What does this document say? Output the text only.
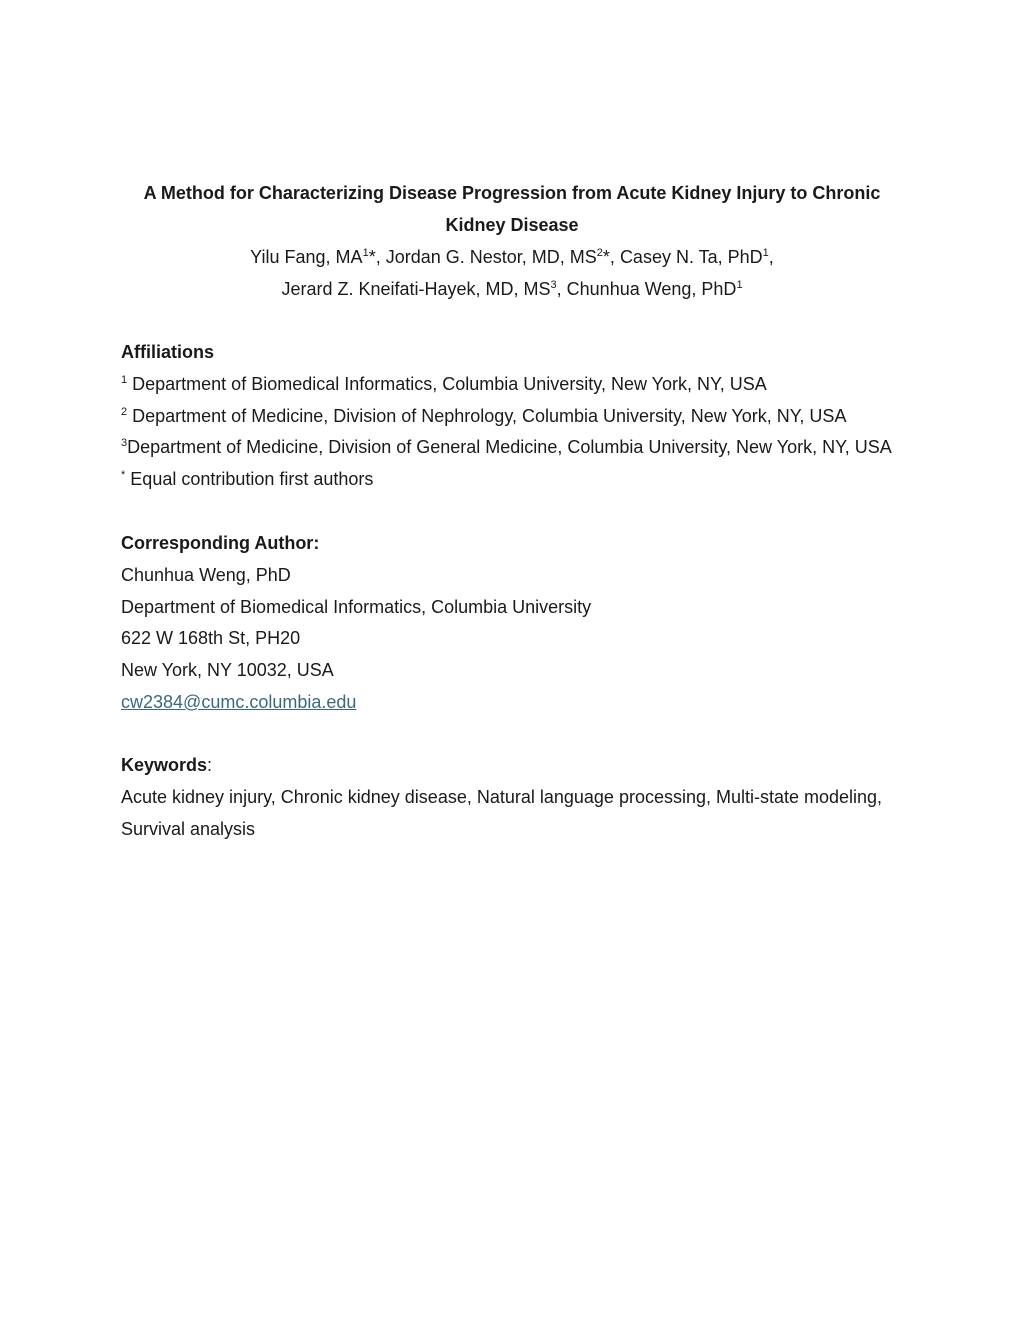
A Method for Characterizing Disease Progression from Acute Kidney Injury to Chronic
Kidney Disease
Yilu Fang, $MA^1*$, Jordan G. Nestor, MD, $MS^2*$, Casey N. Ta, PhD$^1$,
Jerard Z. Kneifati-Hayek, MD, $MS^3$, Chunhua Weng, PhD$^1$
Affiliations
$^1$ Department of Biomedical Informatics, Columbia University, New York, NY, USA
$^2$ Department of Medicine, Division of Nephrology, Columbia University, New York, NY, USA
$^3$Department of Medicine, Division of General Medicine, Columbia University, New York, NY, USA
* Equal contribution first authors
Corresponding Author:
Chunhua Weng, PhD
Department of Biomedical Informatics, Columbia University
622 W 168th St, PH20
New York, NY 10032, USA
cw2384@cumc.columbia.edu
Keywords:
Acute kidney injury, Chronic kidney disease, Natural language processing, Multi-state modeling,
Survival analysis
